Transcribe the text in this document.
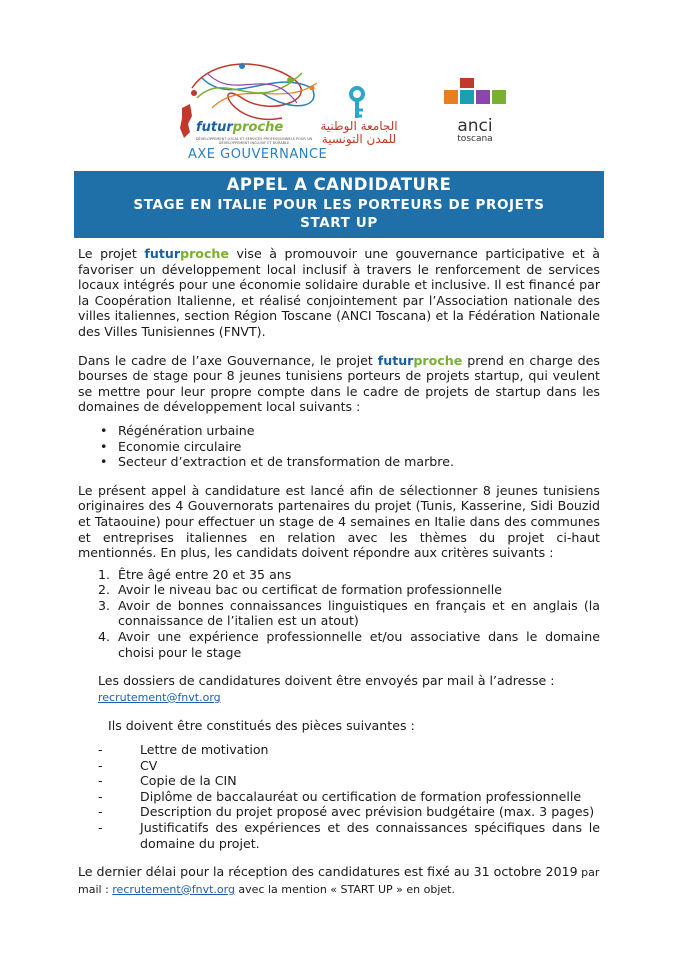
futurproche
DÉVELOPPEMENT LOCAL ET SERVICES PROFESSIONNELS POUR UN DÉVELOPPEMENT INCLUSIF ET DURABLE
AXE GOUVERNANCE
الجامعة الوطنية
للمدن التونسية
anci
toscana
APPEL A CANDIDATURE
STAGE EN ITALIE POUR LES PORTEURS DE PROJETS
START UP

Le projet futurproche vise à promouvoir une gouvernance participative et à favoriser un développement local inclusif à travers le renforcement de services locaux intégrés pour une économie solidaire durable et inclusive. Il est financé par la Coopération Italienne, et réalisé conjointement par l’Association nationale des villes italiennes, section Région Toscane (ANCI Toscana) et la Fédération Nationale des Villes Tunisiennes (FNVT).

Dans le cadre de l’axe Gouvernance, le projet futurproche prend en charge des bourses de stage pour 8 jeunes tunisiens porteurs de projets startup, qui veulent se mettre pour leur propre compte dans le cadre de projets de startup dans les domaines de développement local suivants :

• Régénération urbaine
• Economie circulaire
• Secteur d’extraction et de transformation de marbre.

Le présent appel à candidature est lancé afin de sélectionner 8 jeunes tunisiens originaires des 4 Gouvernorats partenaires du projet (Tunis, Kasserine, Sidi Bouzid et Tataouine) pour effectuer un stage de 4 semaines en Italie dans des communes et entreprises italiennes en relation avec les thèmes du projet ci-haut mentionnés. En plus, les candidats doivent répondre aux critères suivants :

1. Être âgé entre 20 et 35 ans
2. Avoir le niveau bac ou certificat de formation professionnelle
3. Avoir de bonnes connaissances linguistiques en français et en anglais (la connaissance de l’italien est un atout)
4. Avoir une expérience professionnelle et/ou associative dans le domaine choisi pour le stage

Les dossiers de candidatures doivent être envoyés par mail à l’adresse :
recrutement@fnvt.org

Ils doivent être constitués des pièces suivantes :

-	Lettre de motivation
-	CV
-	Copie de la CIN
-	Diplôme de baccalauréat ou certification de formation professionnelle
-	Description du projet proposé avec prévision budgétaire (max. 3 pages)
-	Justificatifs des expériences et des connaissances spécifiques dans le domaine du projet.

Le dernier délai pour la réception des candidatures est fixé au 31 octobre 2019 par
mail : recrutement@fnvt.org avec la mention « START UP » en objet.
